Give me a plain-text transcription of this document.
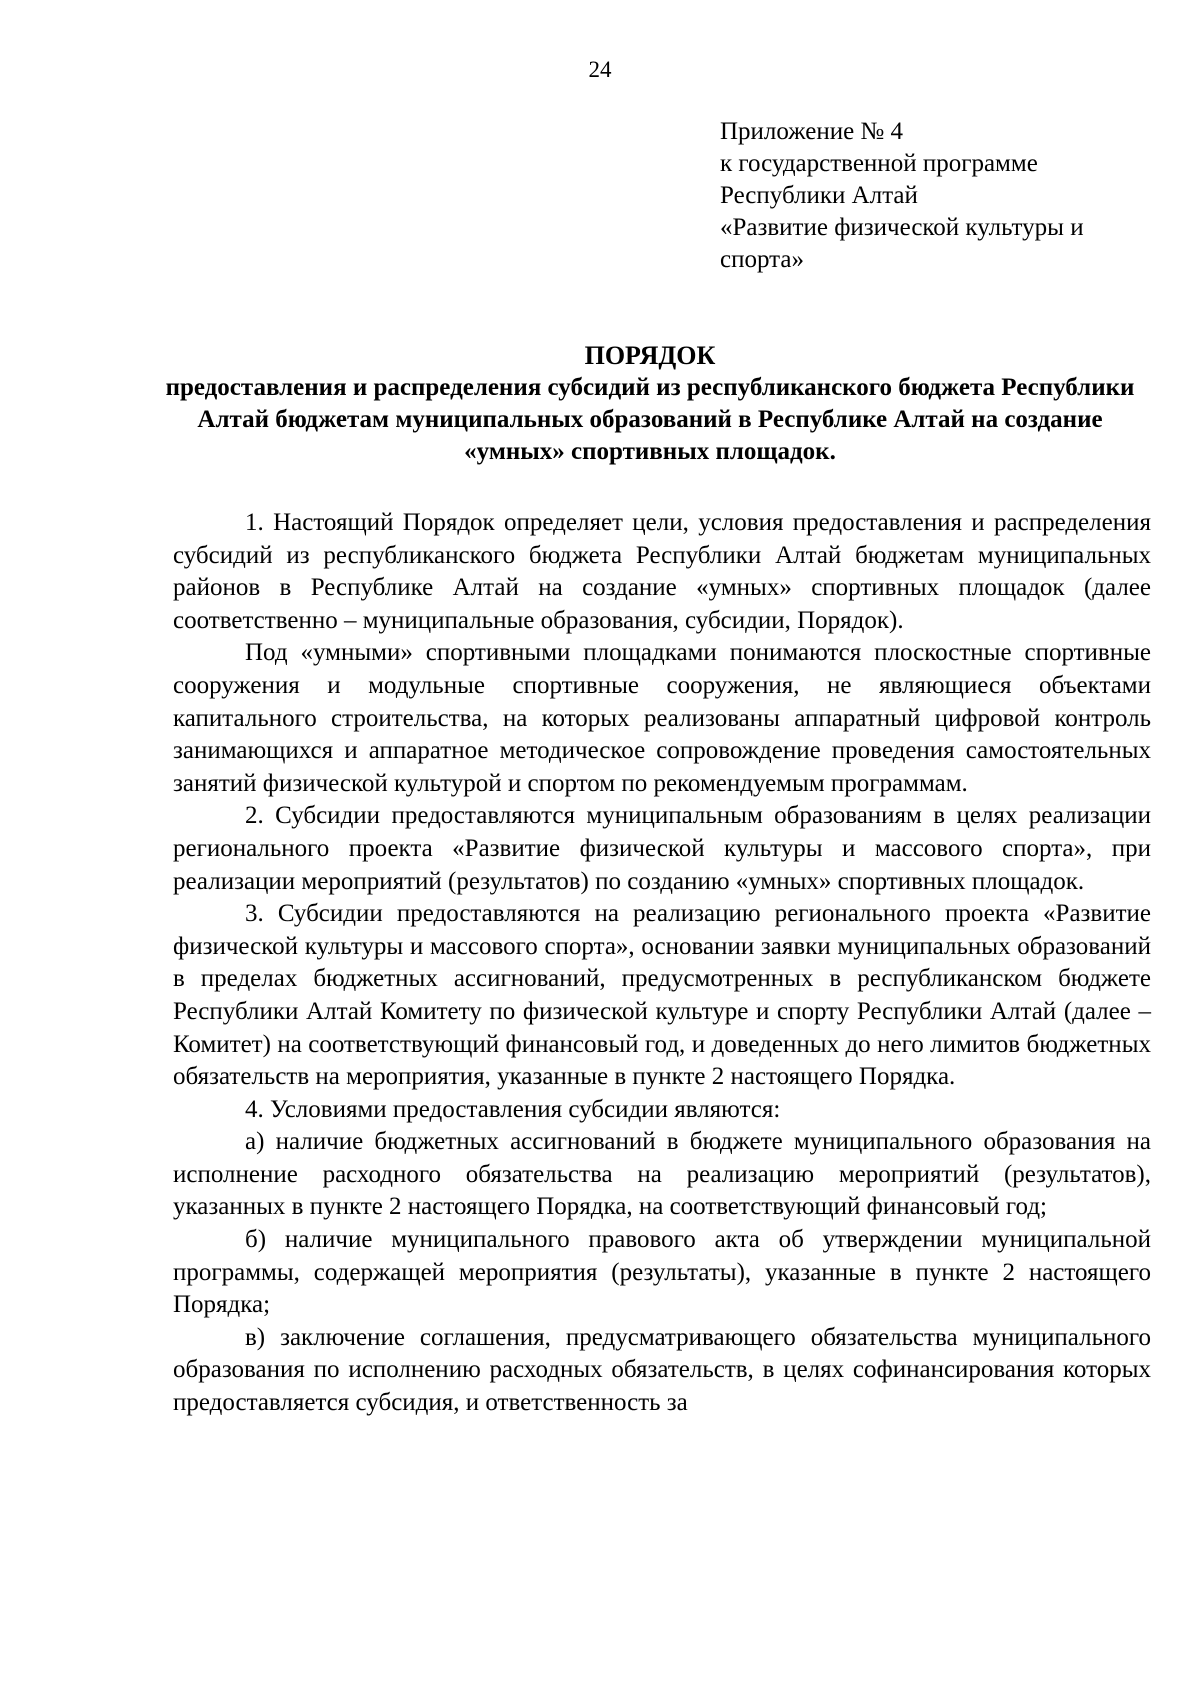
24
Приложение № 4
к государственной программе
Республики Алтай
«Развитие физической культуры и
спорта»
ПОРЯДОК
предоставления и распределения субсидий из республиканского бюджета Республики Алтай бюджетам муниципальных образований в Республике Алтай на создание «умных» спортивных площадок.

1. Настоящий Порядок определяет цели, условия предоставления и распределения субсидий из республиканского бюджета Республики Алтай бюджетам муниципальных районов в Республике Алтай на создание «умных» спортивных площадок (далее соответственно – муниципальные образования, субсидии, Порядок).

Под «умными» спортивными площадками понимаются плоскостные спортивные сооружения и модульные спортивные сооружения, не являющиеся объектами капитального строительства, на которых реализованы аппаратный цифровой контроль занимающихся и аппаратное методическое сопровождение проведения самостоятельных занятий физической культурой и спортом по рекомендуемым программам.

2. Субсидии предоставляются муниципальным образованиям в целях реализации регионального проекта «Развитие физической культуры и массового спорта», при реализации мероприятий (результатов) по созданию «умных» спортивных площадок.

3. Субсидии предоставляются на реализацию регионального проекта «Развитие физической культуры и массового спорта», основании заявки муниципальных образований в пределах бюджетных ассигнований, предусмотренных в республиканском бюджете Республики Алтай Комитету по физической культуре и спорту Республики Алтай (далее – Комитет) на соответствующий финансовый год, и доведенных до него лимитов бюджетных обязательств на мероприятия, указанные в пункте 2 настоящего Порядка.

4. Условиями предоставления субсидии являются:

а) наличие бюджетных ассигнований в бюджете муниципального образования на исполнение расходного обязательства на реализацию мероприятий (результатов), указанных в пункте 2 настоящего Порядка, на соответствующий финансовый год;

б) наличие муниципального правового акта об утверждении муниципальной программы, содержащей мероприятия (результаты), указанные в пункте 2 настоящего Порядка;

в) заключение соглашения, предусматривающего обязательства муниципального образования по исполнению расходных обязательств, в целях софинансирования которых предоставляется субсидия, и ответственность за
